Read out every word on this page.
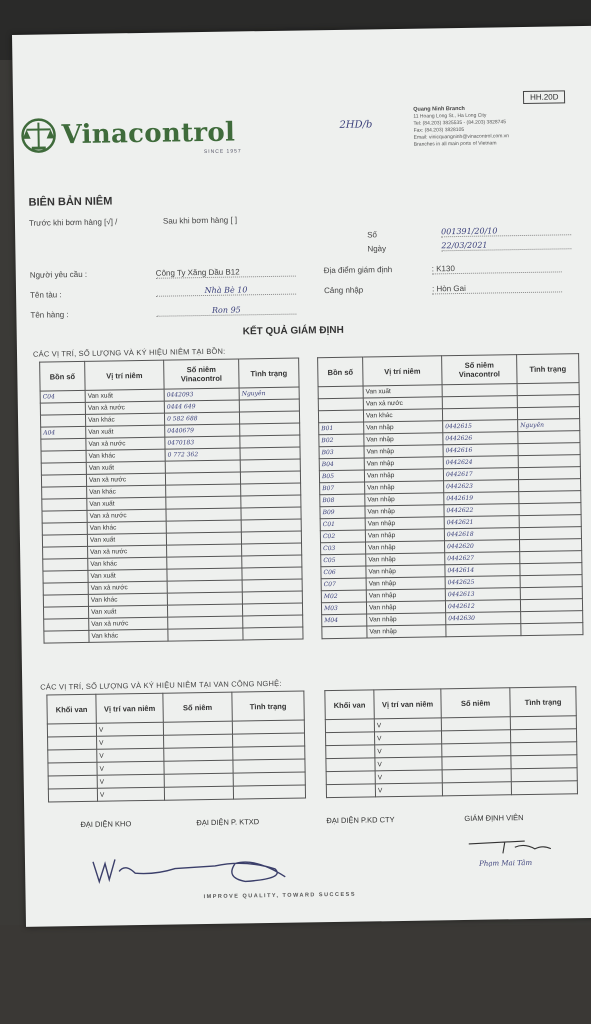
Vinacontrol
SINCE 1957
2HD/b
HH.20D
Quang Ninh Branch
11 Hoang Long St., Ha Long City
Tel: (84.203) 3825535 - (84.203) 3828745
Fax: (84.203) 3828105
Email: vinicquangninh@vinacontrol.com.vn
Branches in all main ports of Vietnam
BIÊN BẢN NIÊM
Trước khi bơm hàng [√] /	Sau khi bơm hàng [ ]
Số	001391/20/10
Ngày	22/03/2021
Người yêu cầu :	Công Ty Xăng Dầu B12	Địa điểm giám định	: K130
Tên tàu :	Nhà Bè 10	Cảng nhập	: Hòn Gai
Tên hàng :	Ron 95
KẾT QUẢ GIÁM ĐỊNH
CÁC VỊ TRÍ, SỐ LƯỢNG VÀ KÝ HIỆU NIÊM TẠI BỒN:
Bồn số	Vị trí niêm	Số niêm Vinacontrol	Tình trạng
C04	Van xuất	0442093	Nguyên
	Van xả nước	0444 649	
	Van khác	0 582 688	
A04	Van xuất	0440679	
	Van xả nước	0470183	
	Van khác	0 772 362	
	Van xuất		
	Van xả nước		
	Van khác		
	Van xuất		
	Van xả nước		
	Van khác		
	Van xuất		
	Van xả nước		
	Van khác		
	Van xuất		
	Van xả nước		
	Van khác		
	Van xuất		
	Van xả nước		
	Van khác		
Bồn số	Vị trí niêm	Số niêm Vinacontrol	Tình trạng
	Van xuất		
	Van xả nước		
	Van khác		
B01	Van nhập	0442615	Nguyên
B02	Van nhập	0442626	
B03	Van nhập	0442616	
B04	Van nhập	0442624	
B05	Van nhập	0442617	
B07	Van nhập	0442623	
B08	Van nhập	0442619	
B09	Van nhập	0442622	
C01	Van nhập	0442621	
C02	Van nhập	0442618	
C03	Van nhập	0442620	
C05	Van nhập	0442627	
C06	Van nhập	0442614	
C07	Van nhập	0442625	
M02	Van nhập	0442613	
M03	Van nhập	0442612	
M04	Van nhập	0442630	
	Van nhập		
CÁC VỊ TRÍ, SỐ LƯỢNG VÀ KÝ HIỆU NIÊM TẠI VAN CÔNG NGHỆ:
Khối van	Vị trí van niêm	Số niêm	Tình trạng
	V		
	V		
	V		
	V		
	V		
	V		
Khối van	Vị trí van niêm	Số niêm	Tình trạng
	V		
	V		
	V		
	V		
	V		
	V		
ĐẠI DIỆN KHO	ĐẠI DIỆN P. KTXD	ĐẠI DIỆN P.KD CTY	GIÁM ĐỊNH VIÊN
Phạm Mai Tâm
IMPROVE QUALITY, TOWARD SUCCESS
